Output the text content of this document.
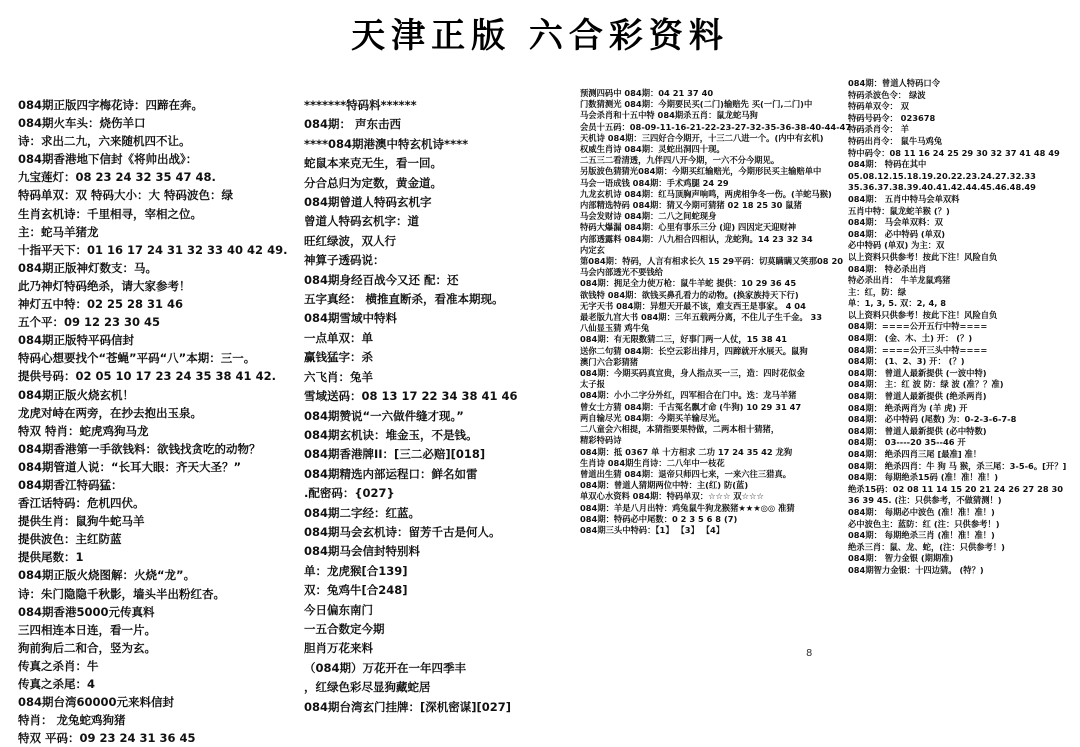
天津正版 六合彩资料
084期正版四字梅花诗：四蹄在奔。
084期火车头：烧伤羊口
诗：求出二九，六来随机四不让。
084期香港地下信封《将帅出战》：
九宝莲灯：08 23 24 32 35 47 48.
特码单双：双 特码大小：大 特码波色：绿
生肖玄机诗：千里相寻，宰相之位。
主：蛇马羊猪龙
十指平天下：01 16 17 24 31 32 33 40 42 49.
084期正版神灯数支：马。
此乃神灯特码绝杀，请大家参考！
神灯五中特：02 25 28 31 46
五个平：09 12 23 30 45
084期正版特平码信封
特码心想要找个“苍蝇”平码“八”本期：三一。
提供号码：02 05 10 17 23 24 35 38 41 42.
084期正版火烧玄机！
龙虎对峙在两旁，在抄去抱出玉泉。
特双 特肖：蛇虎鸡狗马龙
084期香港第一手欲钱料：欲钱找贪吃的动物？
084期管道人说：“长耳大眼：齐天大圣？”
084期香江特码猛：
香江话特码：危机四伏。
提供生肖：鼠狗牛蛇马羊
提供波色：主红防蓝
提供尾数：1
084期正版火烧图解：火烧“龙”。
诗：朱门隐隐千秋影，墙头半出粉红杏。
084期香港5000元传真料
三四相连本日连，看一片。
狗前狗后二和合，竖为玄。
传真之杀肖：牛
传真之杀尾：4
084期台湾60000元来料信封
特肖： 龙兔蛇鸡狗猪
特双 平码：09 23 24 31 36 45
*******特码料******
084期： 声东击西
****084期港澳中特玄机诗****
蛇鼠本来克无生，看一回。
分合总归为定数，黄金道。
084期曾道人特码玄机字
曾道人特码玄机字：道
旺红绿波，双人行
神算子透码说：
084期身经百战今又还 配：还
五字真经： 横推直断杀，看准本期现。
084期雪域中特料
一点单双：单
赢钱猛字：杀
六飞肖：兔羊
雪域送码：08 13 17 22 34 38 41 46
084期赞说“一六做件缝才现。”
084期玄机诀：堆金玉，不是钱。
084期香港牌II：[三二必赔][018]
084期精选内部运程口：鲜名如雷
.配密码：{027}
084期二字经：红蓝。
084期马会玄机诗：留芳千古是何人。
084期马会信封特别料
单：龙虎猴[合139]
双：兔鸡牛[合248]
今日偏东南门
一五合数定今期
胆肖万花来料
（084期）万花开在一年四季丰
，红绿色彩尽显狗藏蛇居
084期台湾玄门挂牌：[深机密谋][027]
预测四码中 084期：04 21 37 40
门数猜测光 084期：今期要民买(二门)输赔先 买(一门,二门)中
马会杀肖和十五中特 084期杀五肖：鼠龙蛇马狗
会员十五码：08-09-11-16-21-22-23-27-32-35-36-38-40-44-47
天机诗 084期：三四好合今期开，十三二八进一个。(内中有玄机)
权威生肖诗 084期：灵蛇出洞四十现。
二五三二看清透，九伴四八开今期，一六不分今期见。
另版波色猜猜光084期：今期买红输赔光，今期形民买主输赔单中
马会一语成钱 084期：手术鸡腿 24 29
九龙玄机诗 084期：红马顶胸声响鸣，两虎相争冬一伤。(羊蛇马猴)
内部精选特码 084期：猜又今期可猜猪 02 18 25 30 鼠猪
马会发财诗 084期：二八之间蛇现身
特码大爆漏 084期：心里有事乐三分 (迎) 四因定天迎财神
内部透露料 084期：八九相合四相认，龙蛇狗。14 23 32 34
内定玄
第084期：特码，人言有相求长久 15 29平码：切莫瞒瞒又笑那08 20
马会内部透光不要钱给
084期：拥足全力使万枪：鼠牛羊蛇 提供：10 29 36 45
欲钱特 084期：欲钱买鼻孔看力的动物。(换家族持天下行)
无字天书 084期：异想天开最不该，难支西王是事家。 4 04
最老版九宫大书 084期：三年五载两分离，不住儿子生千金。 33
八仙显玉猜 鸡牛兔
084期：有无限数猜二三，好事门两一人仗，15 38 41
送你二句猜 084期：长空云彩出排月，四蹄就开水展天。鼠狗
澳门六合彩猜猪
084期：今期买码真宜贵，身人指点买一三，造：四时花似金
太子报
084期：小小二字分外红，四军相合在门中。迭：龙马羊猪
曾女士方猜 084期：千古冤名飘才命 (牛狗) 10 29 31 47
两自输尽光 084期：今期买羊输尽光。
二八童会六相提，本猜指要果特做，二两本相十猜猪，
精彩特码诗
084期：抵 0367 单 十方相求 二功 17 24 35 42 龙狗
生肖诗 084期生肖诗：二八年中一枝花
曾道出生猜 084期：退帝只师四七来，一来六往三猎真。
084期：曾道人猜期两位中特：主(红) 防(蓝)
单双心水资料 084期：特码单双：☆☆☆ 双☆☆☆
084期：羊是八月出特：鸡兔鼠牛狗龙猴猪★★★◎◎ 准猜
084期：特码必中尾数：0 2 3 5 6 8 (7)
084期三头中特码：【1】 【3】 【4】
084期：曾道人特码口令
特码杀波色令： 绿波
特码单双令： 双
特码号码令： 023678
特码杀肖令： 羊
特码出肖令： 鼠牛马鸡兔
特中码令：08 11 16 24 25 29 30 32 37 41 48 49
084期： 特码在其中
05.08.12.15.18.19.20.22.23.24.27.32.33
35.36.37.38.39.40.41.42.44.45.46.48.49
084期： 五肖中特马会单双料
五肖中特：鼠龙蛇羊猴 (？)
084期： 马会单双料：双
084期： 必中特码 (单双)
必中特码 (单双) 为主：双
以上资料只供参考！按此下注！风险自负
084期： 特必杀出肖
特必杀出肖： 牛羊龙鼠鸡猪
主：红，防：绿
单：1, 3, 5. 双：2, 4, 8
以上资料只供参考！按此下注！风险自负
084期：====公开五行中特====
084期： (金、木、土) 开： (？)
084期：====公开三头中特====
084期： (1、2、3) 开： (？)
084期： 曾道人最新提供 (一波中特)
084期： 主：红 波 防：绿 波 (准？？准)
084期： 曾道人最新提供 (绝杀两肖)
084期： 绝杀两肖为 (羊 虎) 开
084期： 必中特码 (尾数) 为：0-2-3-6-7-8
084期： 曾道人最新提供 (必中特数)
084期： 03----20 35--46 开
084期： 绝杀四肖三尾 [最准] 准！
084期： 绝杀四肖：牛 狗 马 猴，杀三尾：3-5-6。[开？]
084期： 每期绝杀15码 (准！准！准！)
绝杀15码：02 08 11 14 15 20 21 24 26 27 28 30
36 39 45. (注：只供参考，不做猜测！)
084期： 每期必中波色 (准！准！准！)
必中波色主：蓝防：红 (注：只供参考！)
084期： 每期绝杀三肖 (准！准！准！)
绝杀三肖：鼠、龙、蛇，(注：只供参考！)
084期： 智力金银 (期期准)
084期智力金银：十四边猜。 (特？)
8
